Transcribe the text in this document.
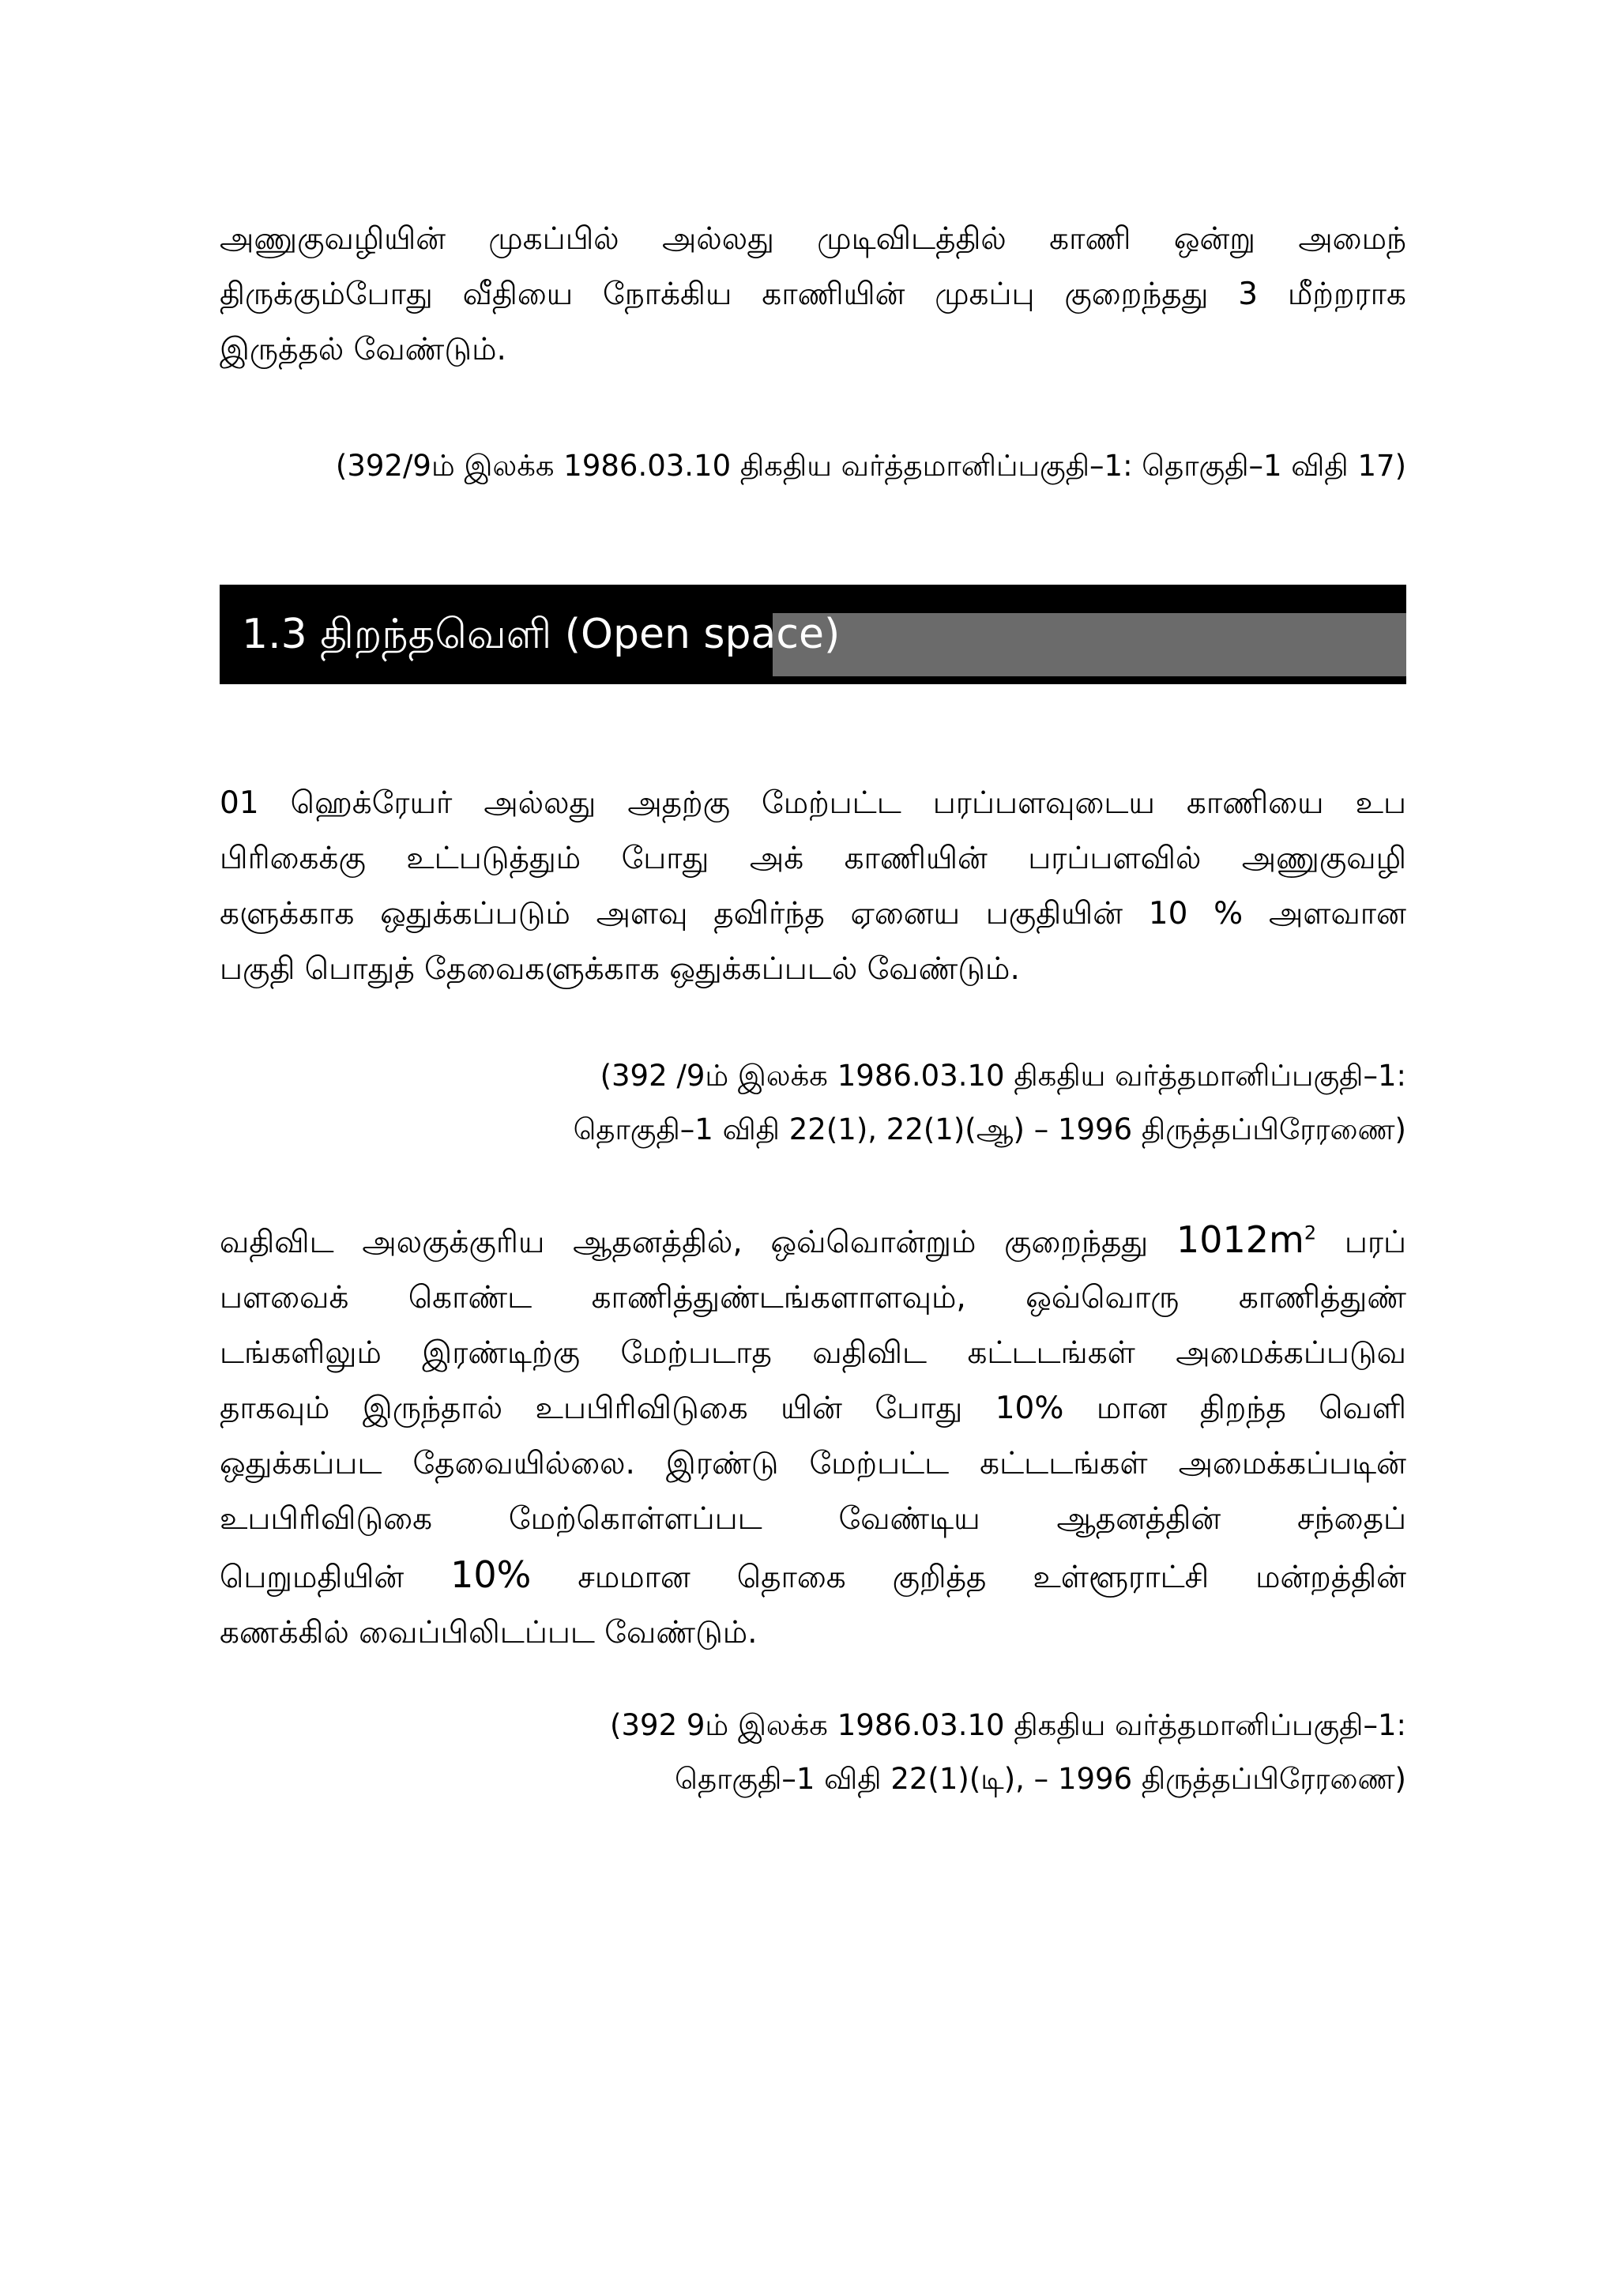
அணுகுவழியின் முகப்பில் அல்லது முடிவிடத்தில் காணி ஒன்று அமைந்
திருக்கும்போது வீதியை நோக்கிய காணியின் முகப்பு குறைந்தது 3 மீற்றராக
இருத்தல் வேண்டும்.
(392/9ம் இலக்க 1986.03.10 திகதிய வர்த்தமானிப்பகுதி–1: தொகுதி–1 விதி 17)
1.3 திறந்தவெளி (Open space)
01 ஹெக்ரேயர் அல்லது அதற்கு மேற்பட்ட பரப்பளவுடைய காணியை உப
பிரிகைக்கு உட்படுத்தும் போது அக் காணியின் பரப்பளவில் அணுகுவழி
களுக்காக ஒதுக்கப்படும் அளவு தவிர்ந்த ஏனைய பகுதியின் 10 % அளவான
பகுதி பொதுத் தேவைகளுக்காக ஒதுக்கப்படல் வேண்டும்.
(392 /9ம் இலக்க 1986.03.10 திகதிய வர்த்தமானிப்பகுதி–1:
தொகுதி–1 விதி 22(1), 22(1)(ஆ) – 1996 திருத்தப்பிரேரணை)
வதிவிட அலகுக்குரிய ஆதனத்தில், ஒவ்வொன்றும் குறைந்தது $1012m^2$ பரப்
பளவைக் கொண்ட காணித்துண்டங்களாளவும், ஒவ்வொரு காணித்துண்
டங்களிலும் இரண்டிற்கு மேற்படாத வதிவிட கட்டடங்கள் அமைக்கப்படுவ
தாகவும் இருந்தால் உபபிரிவிடுகை யின் போது 10% மான திறந்த வெளி
ஒதுக்கப்பட தேவையில்லை. இரண்டு மேற்பட்ட கட்டடங்கள் அமைக்கப்படின்
உபபிரிவிடுகை மேற்கொள்ளப்பட வேண்டிய ஆதனத்தின் சந்தைப்
பெறுமதியின் 10% சமமான தொகை குறித்த உள்ளூராட்சி மன்றத்தின்
கணக்கில் வைப்பிலிடப்பட வேண்டும்.
(392 9ம் இலக்க 1986.03.10 திகதிய வர்த்தமானிப்பகுதி–1:
தொகுதி–1 விதி 22(1)(டி), – 1996 திருத்தப்பிரேரணை)
